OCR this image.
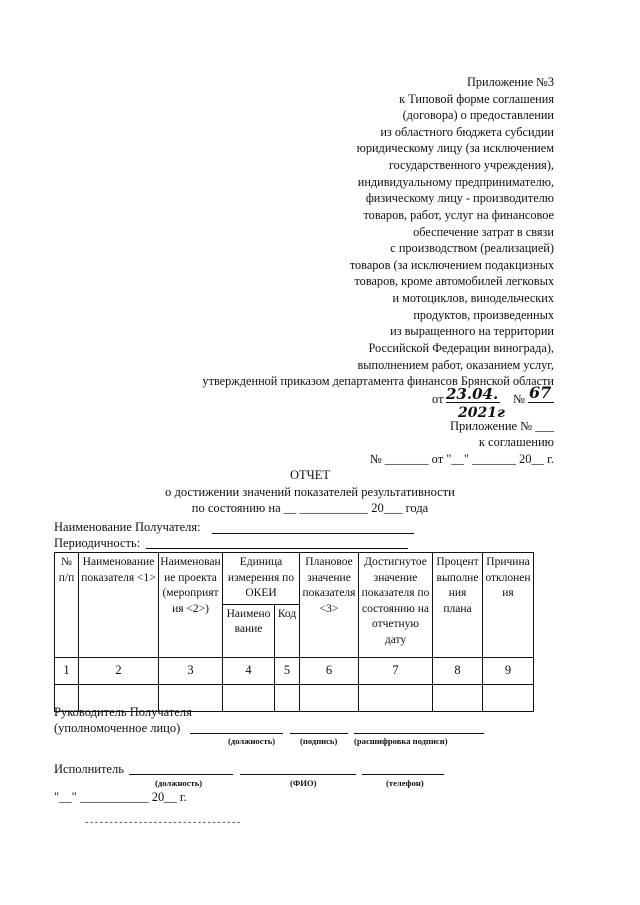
Приложение №3
к Типовой форме соглашения
(договора) о предоставлении
из областного бюджета субсидии
юридическому лицу (за исключением
государственного учреждения),
индивидуальному предпринимателю,
физическому лицу - производителю
товаров, работ, услуг на финансовое
обеспечение затрат в связи
с производством (реализацией)
товаров (за исключением подакцизных
товаров, кроме автомобилей легковых
и мотоциклов, винодельческих
продуктов, произведенных
из выращенного на территории
Российской Федерации винограда),
выполнением работ, оказанием услуг,
утвержденной приказом департамента финансов Брянской области
от 23.04. № 67
2021г
Приложение № ___
к соглашению
№ _______ от "__" _______ 20__ г.
ОТЧЕТ
о достижении значений показателей результативности
по состоянию на __ ___________ 20___ года
Наименование Получателя:
Периодичность:
№ п/п	Наименование показателя <1>	Наименование проекта (мероприятия <2>)	Единица измерения по ОКЕИ		Плановое значение показателя <3>	Достигнутое значение показателя по состоянию на отчетную дату	Процент выполнения плана	Причина отклонения
			Наименование	Код				
1	2	3	4	5	6	7	8	9

Руководитель Получателя
(уполномоченное лицо)
(должность)	(подпись) (расшифровка подписи)
Исполнитель
(должность)	(ФИО)	(телефон)
"__" ___________ 20__ г.
--------------------------------
